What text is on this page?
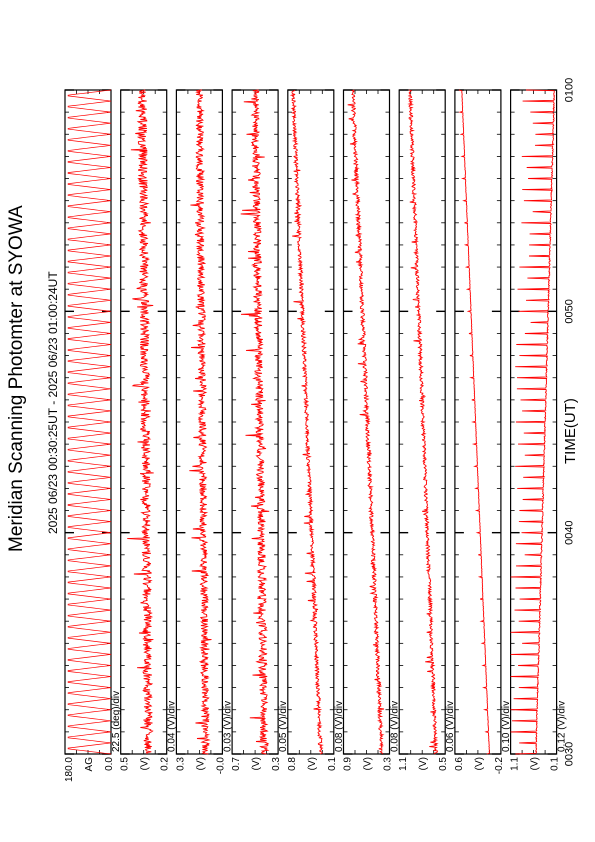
Meridian Scanning Photomter at SYOWA 2025 06/23 00:30:25UT - 2025 06/23 01:00:24UT
180.0 AG 0.0
22.5 (deg)/div
0.5 (V) 0.2
0.04 (V)/div
0.3 (V) -0.0
0.03 (V)/div
0.7 (V) 0.3
0.05 (V)/div
0.8 (V) 0.1
0.08 (V)/div
0.9 (V) 0.3
0.08 (V)/div
1.1 (V) 0.5
0.06 (V)/div
0.6 (V) -0.2
0.10 (V)/div
1.1 (V) 0.1
0.12 (V)/div
0030
0040
0050
0100
TIME(UT)
